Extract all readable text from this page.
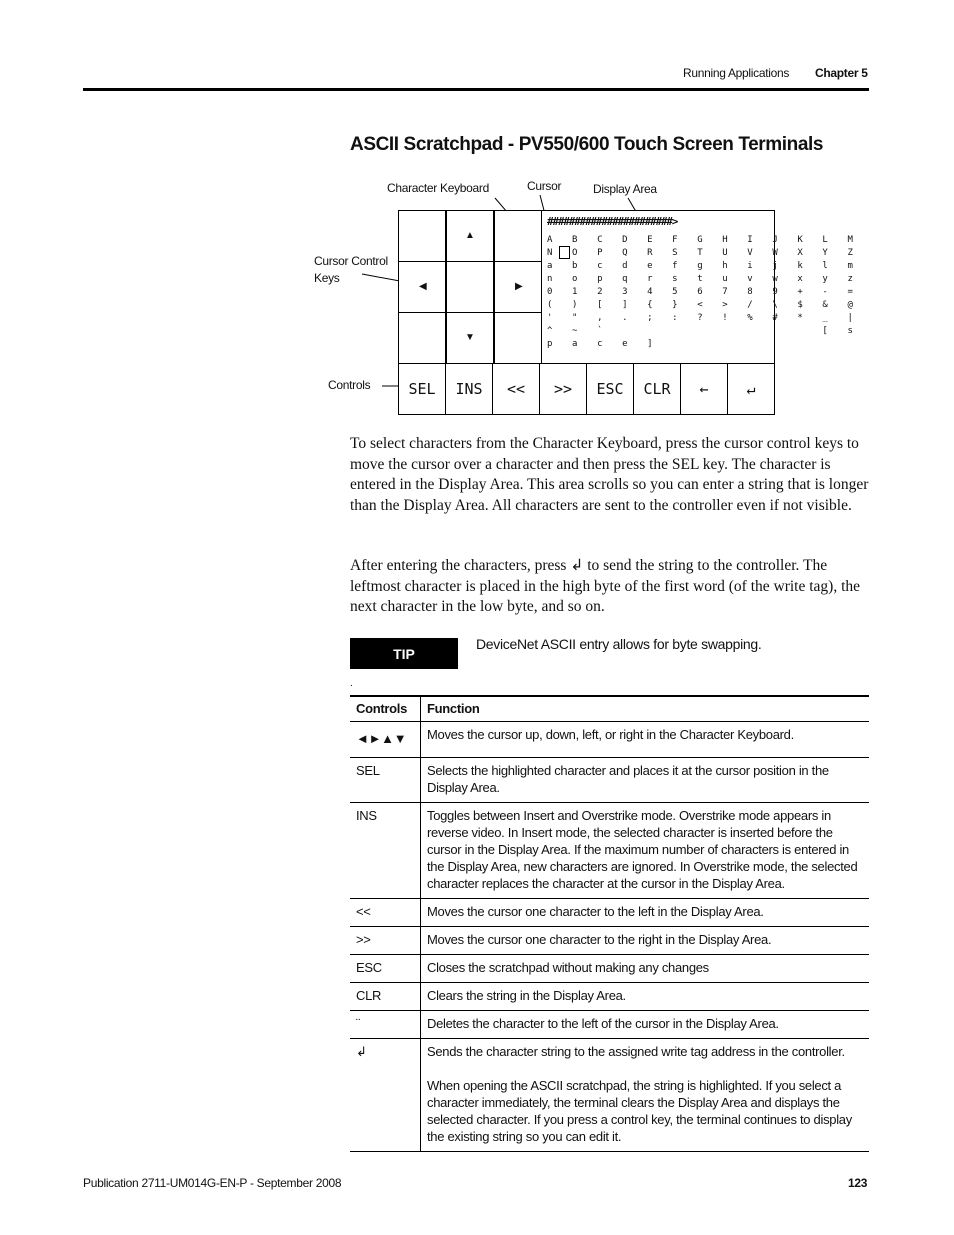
Running Applications Chapter 5
ASCII Scratchpad - PV550/600 Touch Screen Terminals
Character Keyboard	Cursor	Display Area
Cursor Control
Keys
Controls
▲
◀	▶
▼
#######################>
A B C D E F G H I J K L M
N O P Q R S T U V W X Y Z
a b c d e f g h i j k l m
n o p q r s t u v w x y z
0 1 2 3 4 5 6 7 8 9 + - =
( ) [ ] { } < > / \ $ & @
' " , . ; : ? ! % # * _ |
^ ~ `                 [ s
p a c e ]
SEL	INS	<<	>>	ESC	CLR	←	↵
To select characters from the Character Keyboard, press the cursor control keys to move the cursor over a character and then press the SEL key. The character is entered in the Display Area. This area scrolls so you can enter a string that is longer than the Display Area. All characters are sent to the controller even if not visible.
After entering the characters, press ↲ to send the string to the controller. The leftmost character is placed in the high byte of the first word (of the write tag), the next character in the low byte, and so on.
TIP
DeviceNet ASCII entry allows for byte swapping.
.
Controls	Function
◄►▲▼	Moves the cursor up, down, left, or right in the Character Keyboard.
SEL	Selects the highlighted character and places it at the cursor position in the Display Area.
INS	Toggles between Insert and Overstrike mode. Overstrike mode appears in reverse video. In Insert mode, the selected character is inserted before the cursor in the Display Area. If the maximum number of characters is entered in the Display Area, new characters are ignored. In Overstrike mode, the selected character replaces the character at the cursor in the Display Area.
<<	Moves the cursor one character to the left in the Display Area.
>>	Moves the cursor one character to the right in the Display Area.
ESC	Closes the scratchpad without making any changes
CLR	Clears the string in the Display Area.
¨	Deletes the character to the left of the cursor in the Display Area.
↲	Sends the character string to the assigned write tag address in the controller.
When opening the ASCII scratchpad, the string is highlighted. If you select a character immediately, the terminal clears the Display Area and displays the selected character. If you press a control key, the terminal continues to display the existing string so you can edit it.
Publication 2711-UM014G-EN-P - September 2008	123
